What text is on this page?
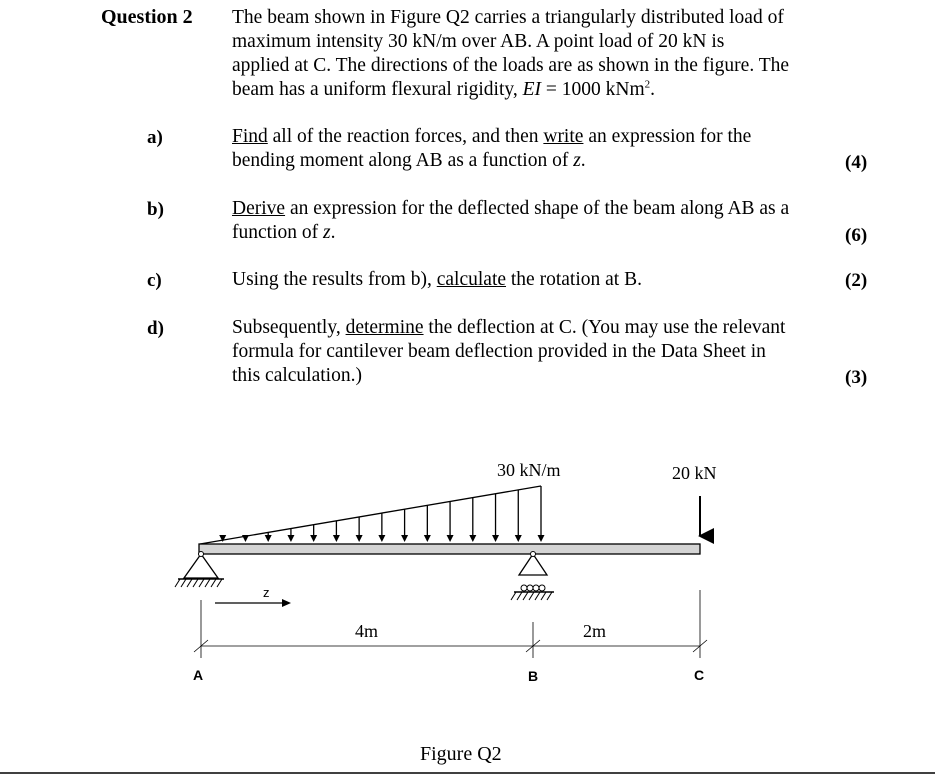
Question 2 The beam shown in Figure Q2 carries a triangularly distributed load of
maximum intensity 30 kN/m over AB. A point load of 20 kN is
applied at C. The directions of the loads are as shown in the figure. The
beam has a uniform flexural rigidity, EI = 1000 kNm$^2$.
a)	Find all of the reaction forces, and then write an expression for the
bending moment along AB as a function of z.	(4)
b)	Derive an expression for the deflected shape of the beam along AB as a
function of z.	(6)
c)	Using the results from b), calculate the rotation at B.	(2)
d)	Subsequently, determine the deflection at C. (You may use the relevant
formula for cantilever beam deflection provided in the Data Sheet in
this calculation.)	(3)
30 kN/m	20 kN
z
4m	2m
A	B	C
Figure Q2
